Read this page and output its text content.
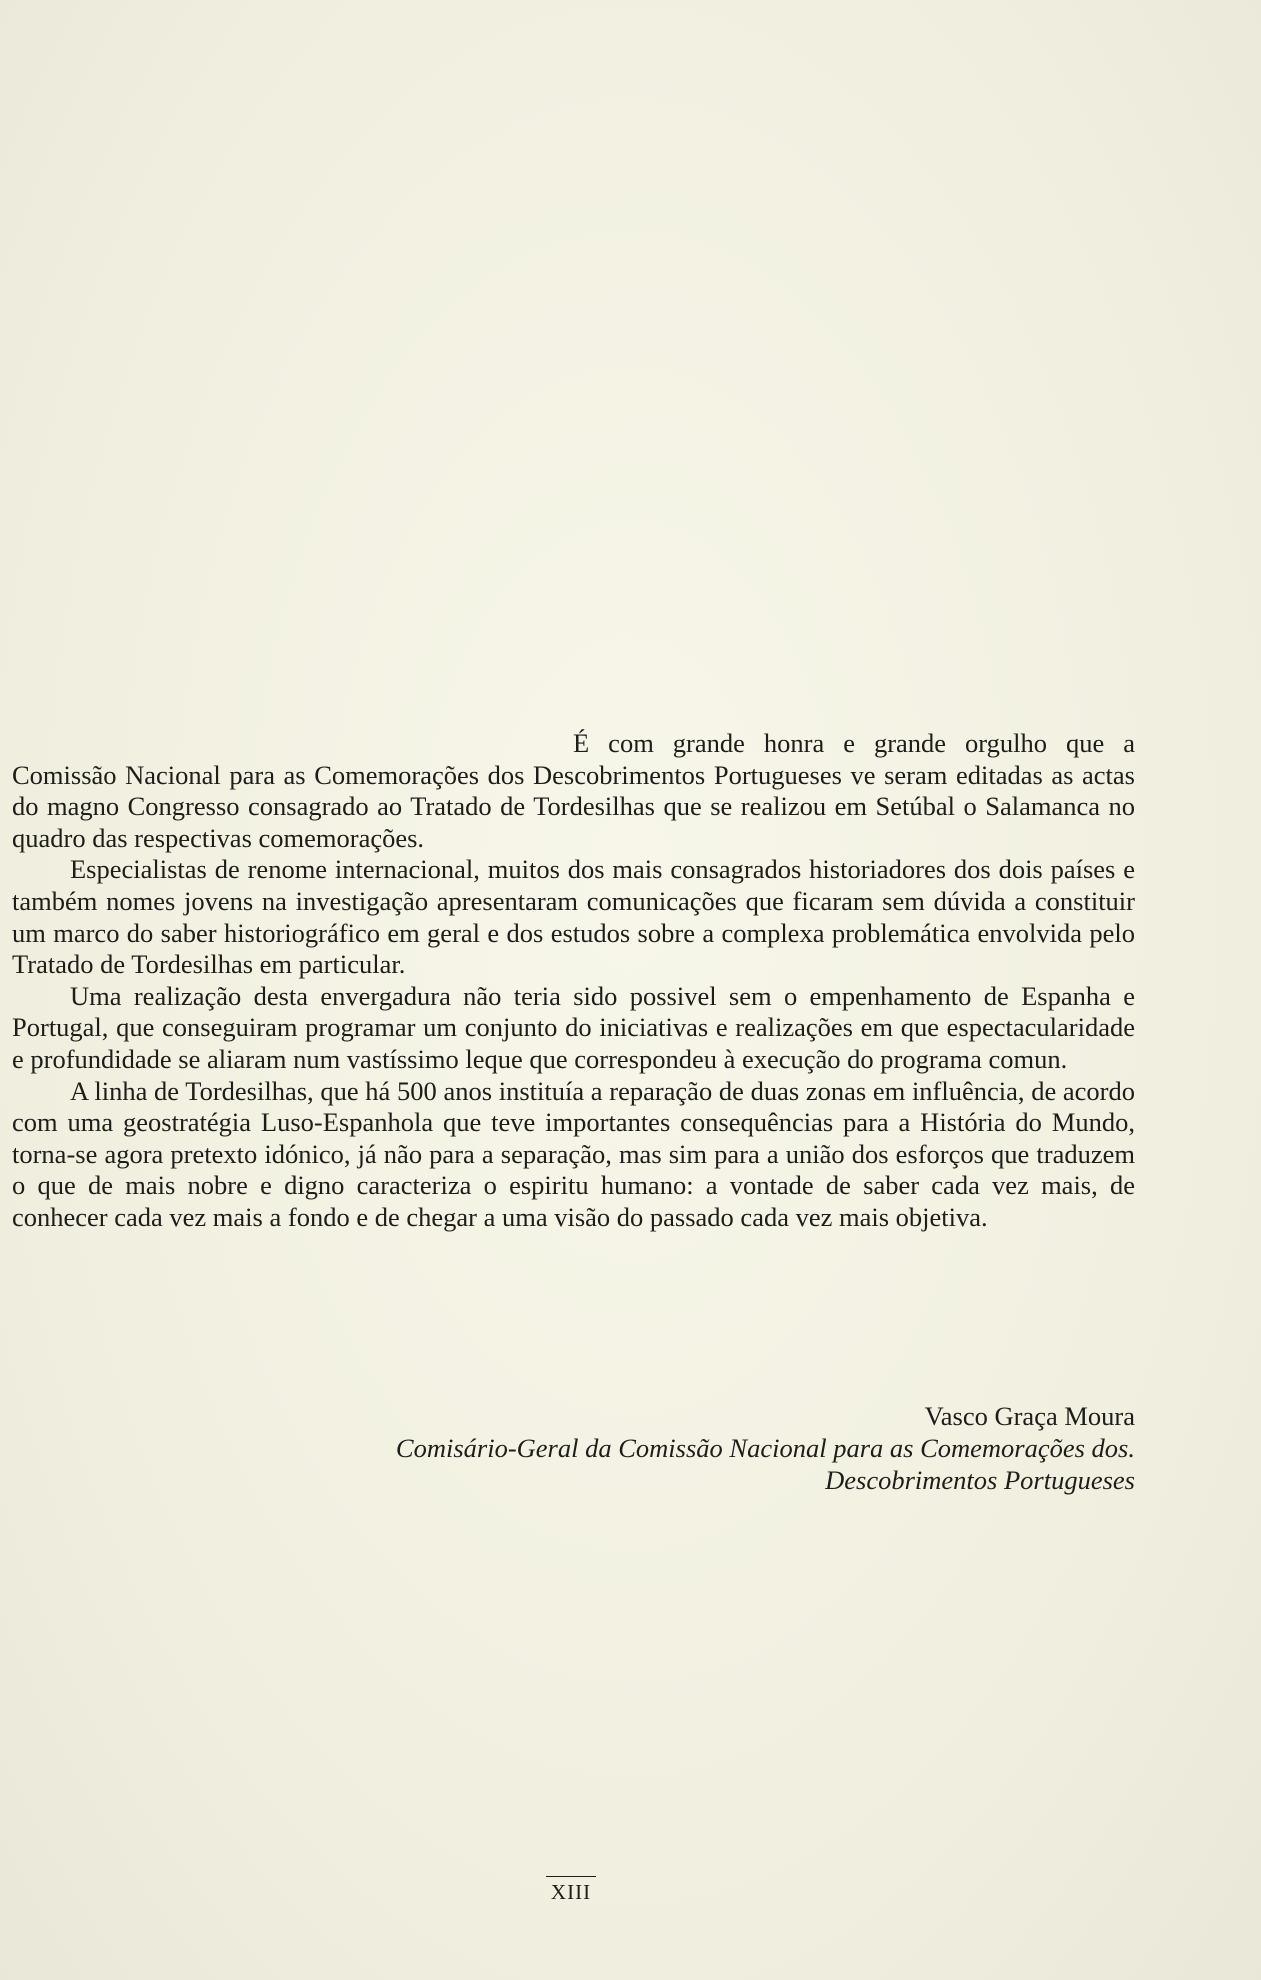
É com grande honra e grande orgulho que a Comissão Nacional para as Comemorações dos Descobrimentos Portugueses ve seram editadas as actas do magno Congresso consagrado ao Tratado de Tordesilhas que se realizou em Setúbal o Salamanca no quadro das respectivas comemorações.

Especialistas de renome internacional, muitos dos mais consagrados historiadores dos dois países e também nomes jovens na investigação apresentaram comunicações que ficaram sem dúvida a constituir um marco do saber historiográfico em geral e dos estudos sobre a complexa problemática envolvida pelo Tratado de Tordesilhas em particular.

Uma realização desta envergadura não teria sido possivel sem o empenhamento de Espanha e Portugal, que conseguiram programar um conjunto do iniciativas e realizações em que espectacularidade e profundidade se aliaram num vastíssimo leque que correspondeu à execução do programa comun.

A linha de Tordesilhas, que há 500 anos instituía a reparação de duas zonas em influência, de acordo com uma geostratégia Luso-Espanhola que teve importantes consequências para a História do Mundo, torna-se agora pretexto idónico, já não para a separação, mas sim para a união dos esforços que traduzem o que de mais nobre e digno caracteriza o espiritu humano: a vontade de saber cada vez mais, de conhecer cada vez mais a fondo e de chegar a uma visão do passado cada vez mais objetiva.

Vasco Graça Moura
Comisário-Geral da Comissão Nacional para as Comemorações dos.
Descobrimentos Portugueses
XIII
